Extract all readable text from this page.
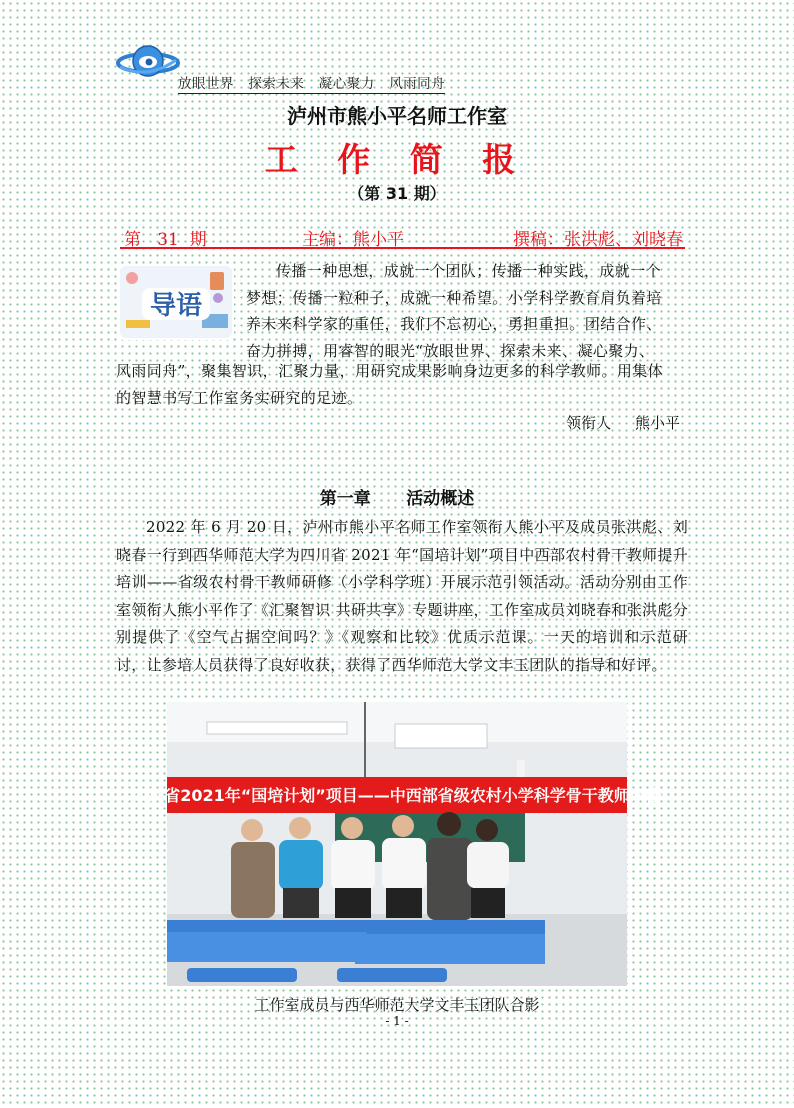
放眼世界   探索未来   凝心聚力   风雨同舟
泸州市熊小平名师工作室
工 作 简 报
（第 31 期）
第   31  期	主编：熊小平	撰稿：张洪彪、刘晓春
导语

传播一种思想，成就一个团队；传播一种实践，成就一个

梦想；传播一粒种子，成就一种希望。小学科学教育肩负着培

养未来科学家的重任，我们不忘初心，勇担重担。团结合作、

奋力拼搏，用睿智的眼光“放眼世界、探索未来、凝心聚力、

风雨同舟”，聚集智识，汇聚力量，用研究成果影响身边更多的科学教师。用集体

的智慧书写工作室务实研究的足迹。

领衔人     熊小平
第一章      活动概述

2022 年 6 月 20 日，泸州市熊小平名师工作室领衔人熊小平及成员张洪彪、刘晓春一行到西华师范大学为四川省 2021 年“国培计划”项目中西部农村骨干教师提升培训——省级农村骨干教师研修（小学科学班）开展示范引领活动。活动分别由工作室领衔人熊小平作了《汇聚智识 共研共享》专题讲座，工作室成员刘晓春和张洪彪分别提供了《空气占据空间吗？》《观察和比较》优质示范课。一天的培训和示范研讨，让参培人员获得了良好收获，获得了西华师范大学文丰玉团队的指导和好评。

四川省2021年“国培计划”项目——中西部省级农村小学科学骨干教师研修
工作室成员与西华师范大学文丰玉团队合影
- 1 -
